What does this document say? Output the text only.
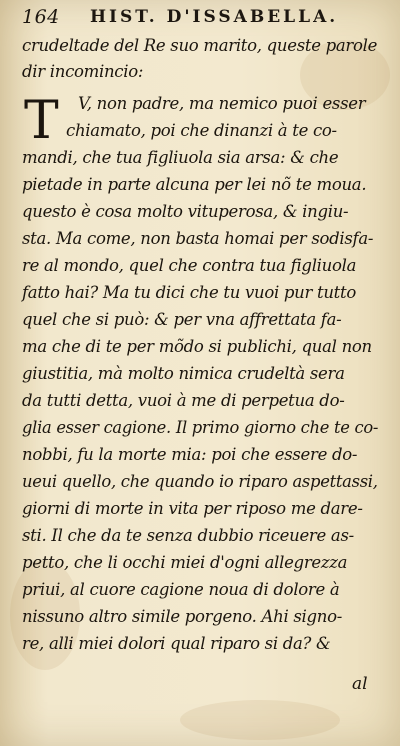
164 HIST. D'ISSABELLA.
T
crudeltade del Re suo marito, queste parole
dir incomincio:
V, non padre, ma nemico puoi esser
chiamato, poi che dinanzi à te co-
mandi, che tua figliuola sia arsa: & che
pietade in parte alcuna per lei nõ te moua.
questo è cosa molto vituperosa, & ingiu-
sta. Ma come, non basta homai per sodisfa-
re al mondo, quel che contra tua figliuola
fatto hai? Ma tu dici che tu vuoi pur tutto
quel che si può: & per vna affrettata fa-
ma che di te per mõdo si publichi, qual non
giustitia, mà molto nimica crudeltà sera
da tutti detta, vuoi à me di perpetua do-
glia esser cagione. Il primo giorno che te co-
nobbi, fu la morte mia: poi che essere do-
ueui quello, che quando io riparo aspettassi,
giorni di morte in vita per riposo me dare-
sti. Il che da te senza dubbio riceuere as-
petto, che li occhi miei d'ogni allegrezza
priui, al cuore cagione noua di dolore à
nissuno altro simile porgeno. Ahi signo-
re, alli miei dolori qual riparo si da? &
al
